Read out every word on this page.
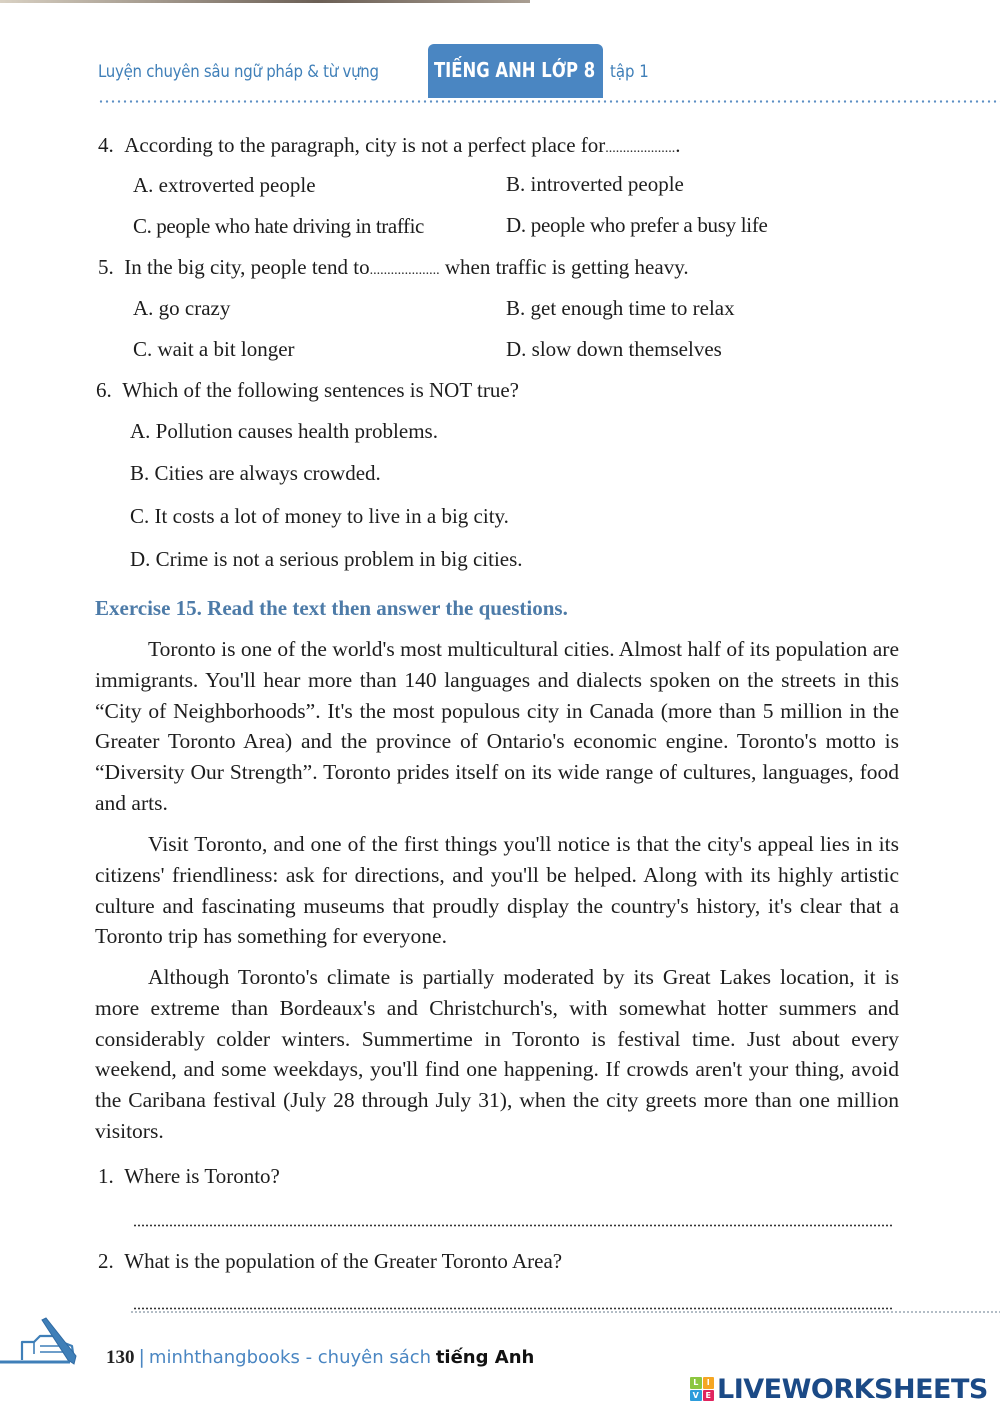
Luyện chuyên sâu ngữ pháp & từ vựng	TIẾNG ANH LỚP 8 tập 1
4. According to the paragraph, city is not a perfect place for.....................
A. extroverted people	B. introverted people
C. people who hate driving in traffic	D. people who prefer a busy life
5. In the big city, people tend to.................... when traffic is getting heavy.
A. go crazy	B. get enough time to relax
C. wait a bit longer	D. slow down themselves
6. Which of the following sentences is NOT true?
A. Pollution causes health problems.
B. Cities are always crowded.
C. It costs a lot of money to live in a big city.
D. Crime is not a serious problem in big cities.
Exercise 15. Read the text then answer the questions.

Toronto is one of the world's most multicultural cities. Almost half of its population are immigrants. You'll hear more than 140 languages and dialects spoken on the streets in this “City of Neighborhoods”. It's the most populous city in Canada (more than 5 million in the Greater Toronto Area) and the province of Ontario's economic engine. Toronto's motto is “Diversity Our Strength”. Toronto prides itself on its wide range of cultures, languages, food and arts.

Visit Toronto, and one of the first things you'll notice is that the city's appeal lies in its citizens' friendliness: ask for directions, and you'll be helped. Along with its highly artistic culture and fascinating museums that proudly display the country's history, it's clear that a Toronto trip has something for everyone.

Although Toronto's climate is partially moderated by its Great Lakes location, it is more extreme than Bordeaux's and Christchurch's, with somewhat hotter summers and considerably colder winters. Summertime in Toronto is festival time. Just about every weekend, and some weekdays, you'll find one happening. If crowds aren't your thing, avoid the Caribana festival (July 28 through July 31), when the city greets more than one million visitors.

1. Where is Toronto?
2. What is the population of the Greater Toronto Area?
130 | minhthangbooks - chuyên sách tiếng Anh
L	I
V E LIVEWORKSHEETS
